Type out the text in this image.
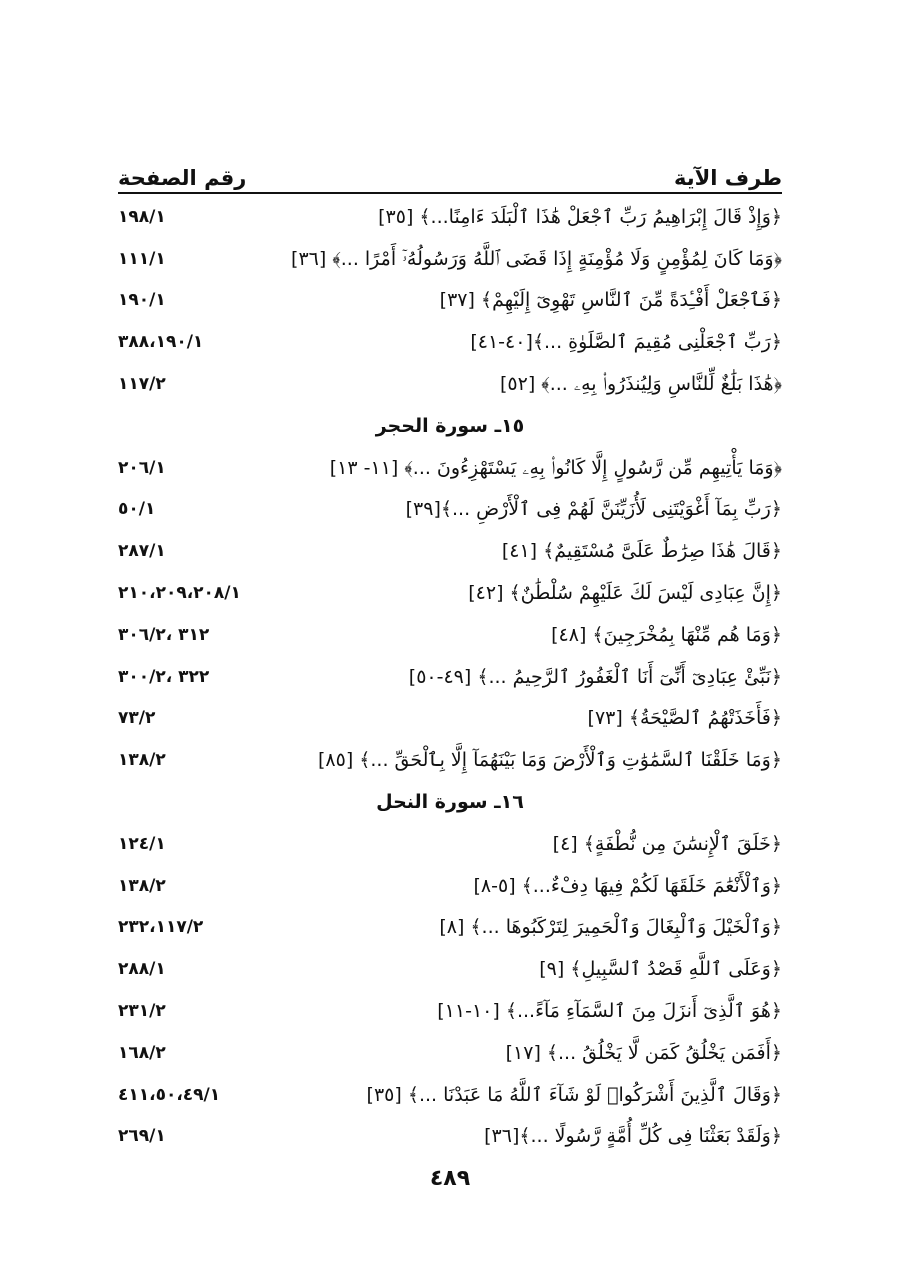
طرف الآية
رقم الصفحة
﴿وَإِذْ قَالَ إِبْرَاهِيمُ رَبِّ ٱجْعَلْ هَٰذَا ٱلْبَلَدَ ءَامِنًا...﴾ [٣٥]
١٩٨/١
﴿وَمَا كَانَ لِمُؤْمِنٍ وَلَا مُؤْمِنَةٍ إِذَا قَضَى ٱللَّهُ وَرَسُولُهُۥٓ أَمْرًا ...﴾ [٣٦]
١١١/١
﴿فَٱجْعَلْ أَفْـِٔدَةً مِّنَ ٱلنَّاسِ تَهْوِىٓ إِلَيْهِمْ﴾ [٣٧]
١٩٠/١
﴿رَبِّ ٱجْعَلْنِى مُقِيمَ ٱلصَّلَوٰةِ ...﴾[٤٠-٤١]
٣٨٨،١٩٠/١
﴿هَٰذَا بَلَٰغٌ لِّلنَّاسِ وَلِيُنذَرُوا۟ بِهِۦ ...﴾ [٥٢]
١١٧/٢
١٥ـ سورة الحجر
﴿وَمَا يَأْتِيهِم مِّن رَّسُولٍ إِلَّا كَانُوا۟ بِهِۦ يَسْتَهْزِءُونَ ...﴾ [١١- ١٣]
٢٠٦/١
﴿رَبِّ بِمَآ أَغْوَيْتَنِى لَأُزَيِّنَنَّ لَهُمْ فِى ٱلْأَرْضِ ...﴾[٣٩]
٥٠/١
﴿قَالَ هَٰذَا صِرَٰطٌ عَلَىَّ مُسْتَقِيمٌ﴾ [٤١]
٢٨٧/١
﴿إِنَّ عِبَادِى لَيْسَ لَكَ عَلَيْهِمْ سُلْطَٰنٌ﴾ [٤٢]
٢١٠،٢٠٩،٢٠٨/١
﴿وَمَا هُم مِّنْهَا بِمُخْرَجِينَ﴾ [٤٨]
٣١٢ ،٣٠٦/٢
﴿نَبِّئْ عِبَادِىٓ أَنِّىٓ أَنَا ٱلْغَفُورُ ٱلرَّحِيمُ ...﴾ [٤٩-٥٠]
٣٢٢ ،٣٠٠/٢
﴿فَأَخَذَتْهُمُ ٱلصَّيْحَةُ﴾ [٧٣]
٧٣/٢
﴿وَمَا خَلَقْنَا ٱلسَّمَٰوَٰتِ وَٱلْأَرْضَ وَمَا بَيْنَهُمَآ إِلَّا بِٱلْحَقِّ ...﴾ [٨٥]
١٣٨/٢
١٦ـ سورة النحل
﴿خَلَقَ ٱلْإِنسَٰنَ مِن نُّطْفَةٍ﴾ [٤]
١٢٤/١
﴿وَٱلْأَنْعَٰمَ خَلَقَهَا لَكُمْ فِيهَا دِفْءٌ...﴾ [٥-٨]
١٣٨/٢
﴿وَٱلْخَيْلَ وَٱلْبِغَالَ وَٱلْحَمِيرَ لِتَرْكَبُوهَا ...﴾ [٨]
٢٣٢،١١٧/٢
﴿وَعَلَى ٱللَّهِ قَصْدُ ٱلسَّبِيلِ﴾ [٩]
٢٨٨/١
﴿هُوَ ٱلَّذِىٓ أَنزَلَ مِنَ ٱلسَّمَآءِ مَآءً...﴾ [١٠-١١]
٢٣١/٢
﴿أَفَمَن يَخْلُقُ كَمَن لَّا يَخْلُقُ ...﴾ [١٧]
١٦٨/٢
﴿وَقَالَ ٱلَّذِينَ أَشْرَكُوا۟ لَوْ شَآءَ ٱللَّهُ مَا عَبَدْنَا ...﴾ [٣٥]
٤١١،٥٠،٤٩/١
﴿وَلَقَدْ بَعَثْنَا فِى كُلِّ أُمَّةٍ رَّسُولًا ...﴾[٣٦]
٢٦٩/١
٤٨٩
